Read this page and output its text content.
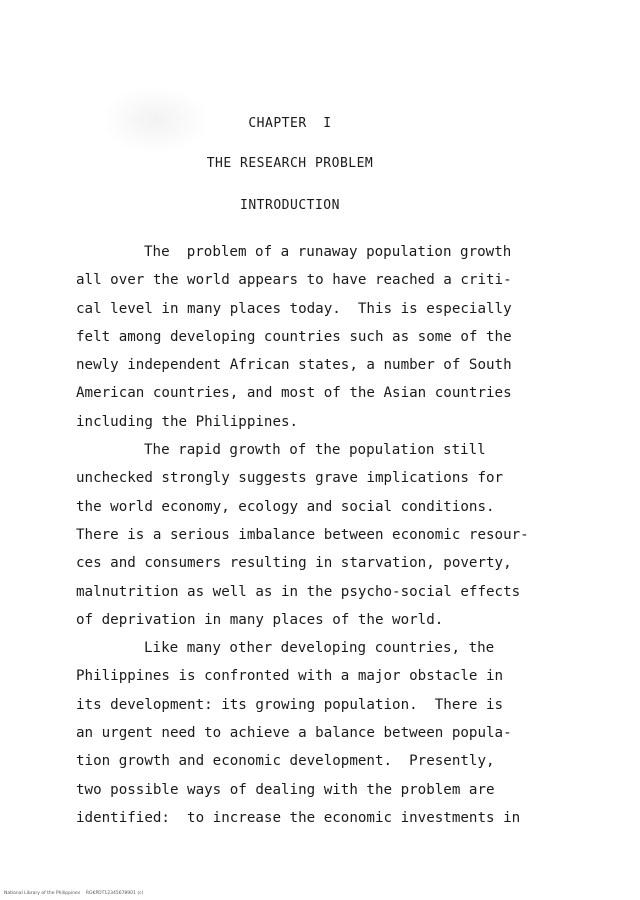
CHAPTER  I
THE RESEARCH PROBLEM
INTRODUCTION
The  problem of a runaway population growth
all over the world appears to have reached a criti-
cal level in many places today.  This is especially
felt among developing countries such as some of the
newly independent African states, a number of South
American countries, and most of the Asian countries
including the Philippines.
The rapid growth of the population still
unchecked strongly suggests grave implications for
the world economy, ecology and social conditions.
There is a serious imbalance between economic resour-
ces and consumers resulting in starvation, poverty,
malnutrition as well as in the psycho-social effects
of deprivation in many places of the world.
Like many other developing countries, the
Philippines is confronted with a major obstacle in
its development: its growing population.  There is
an urgent need to achieve a balance between popula-
tion growth and economic development.  Presently,
two possible ways of dealing with the problem are
identified:  to increase the economic investments in
National Library of the Philippines    RGKPDT12345678901 (c)
